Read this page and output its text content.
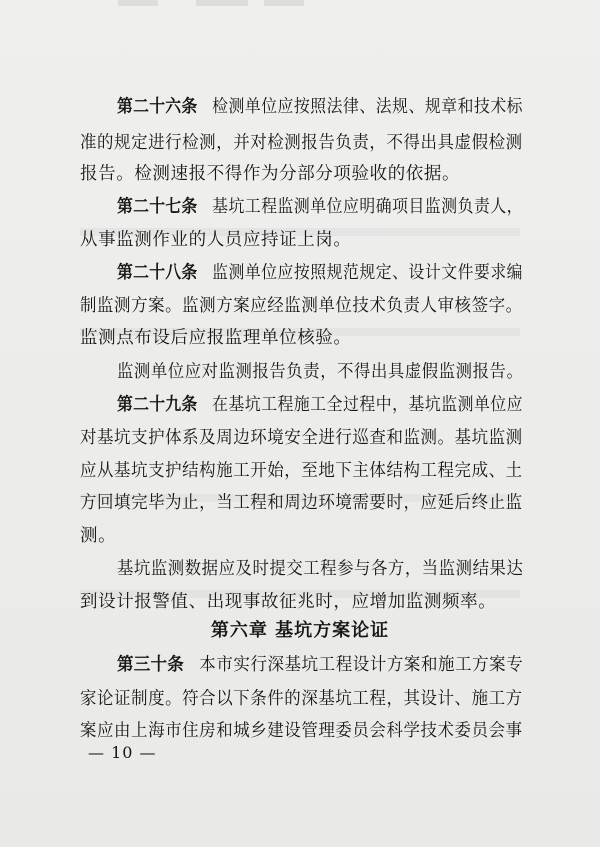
第二十六条 检测单位应按照法律、法规、规章和技术标
准的规定进行检测，并对检测报告负责，不得出具虚假检测
报告。检测速报不得作为分部分项验收的依据。
第二十七条 基坑工程监测单位应明确项目监测负责人，
从事监测作业的人员应持证上岗。
第二十八条 监测单位应按照规范规定、设计文件要求编
制监测方案。监测方案应经监测单位技术负责人审核签字。
监测点布设后应报监理单位核验。
监测单位应对监测报告负责，不得出具虚假监测报告。
第二十九条 在基坑工程施工全过程中，基坑监测单位应
对基坑支护体系及周边环境安全进行巡查和监测。基坑监测
应从基坑支护结构施工开始，至地下主体结构工程完成、土
方回填完毕为止，当工程和周边环境需要时，应延后终止监
测。
基坑监测数据应及时提交工程参与各方，当监测结果达
到设计报警值、出现事故征兆时，应增加监测频率。
第六章 基坑方案论证
第三十条 本市实行深基坑工程设计方案和施工方案专
家论证制度。符合以下条件的深基坑工程，其设计、施工方
案应由上海市住房和城乡建设管理委员会科学技术委员会事
— 10 —
